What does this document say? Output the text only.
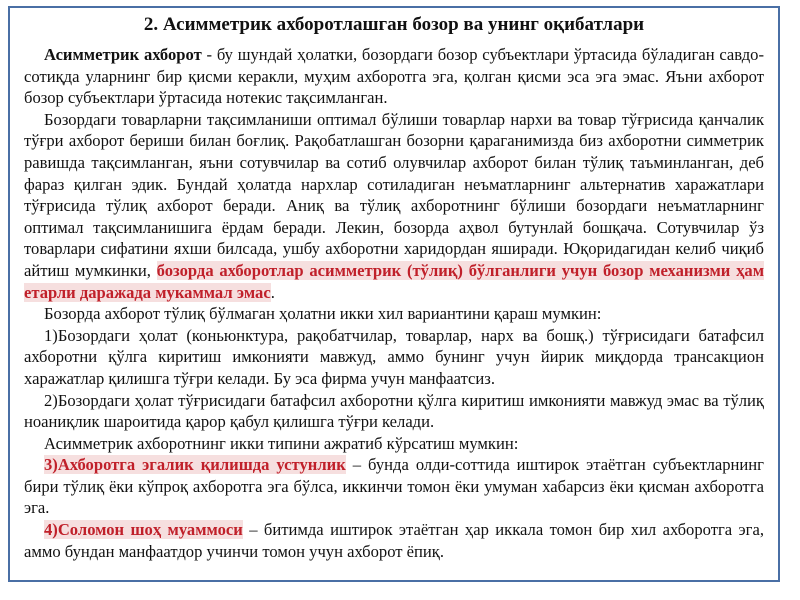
2. Асимметрик ахборотлашган бозор ва унинг оқибатлари

Асимметрик ахборот - бу шундай ҳолатки, бозордаги бозор субъектлари ўртасида бўладиган савдо-сотиқда уларнинг бир қисми керакли, муҳим ахборотга эга, қолган қисми эса эга эмас. Яъни ахборот бозор субъектлари ўртасида нотекис тақсимланган.

Бозордаги товарларни тақсимланиши оптимал бўлиши товарлар нархи ва товар тўғрисида қанчалик тўғри ахборот бериши билан боғлиқ. Рақобатлашган бозорни қараганимизда биз ахборотни симметрик равишда тақсимланган, яъни сотувчилар ва сотиб олувчилар ахборот билан тўлиқ таъминланган, деб фараз қилган эдик. Бундай ҳолатда нархлар сотиладиган неъматларнинг альтернатив харажатлари тўғрисида тўлиқ ахборот беради. Аниқ ва тўлиқ ахборотнинг бўлиши бозордаги неъматларнинг оптимал тақсимланишига ёрдам беради. Лекин, бозорда аҳвол бутунлай бошқача. Сотувчилар ўз товарлари сифатини яхши билсада, ушбу ахборотни харидордан яширади. Юқоридагидан келиб чиқиб айтиш мумкинки, бозорда ахборотлар асимметрик (тўлиқ) бўлганлиги учун бозор механизми ҳам етарли даражада мукаммал эмас.

Бозорда ахборот тўлиқ бўлмаган ҳолатни икки хил вариантини қараш мумкин:

1)Бозордаги ҳолат (коньюнктура, рақобатчилар, товарлар, нарх ва бошқ.) тўғрисидаги батафсил ахборотни қўлга киритиш имконияти мавжуд, аммо бунинг учун йирик миқдорда трансакцион харажатлар қилишга тўғри келади. Бу эса фирма учун манфаатсиз.

2)Бозордаги ҳолат тўғрисидаги батафсил ахборотни қўлга киритиш имконияти мавжуд эмас ва тўлиқ ноаниқлик шароитида қарор қабул қилишга тўғри келади.

Асимметрик ахборотнинг икки типини ажратиб кўрсатиш мумкин:

3)Ахборотга эгалик қилишда устунлик – бунда олди-соттида иштирок этаётган субъектларнинг бири тўлиқ ёки кўпроқ ахборотга эга бўлса, иккинчи томон ёки умуман хабарсиз ёки қисман ахборотга эга.

4)Соломон шоҳ муаммоси – битимда иштирок этаётган ҳар иккала томон бир хил ахборотга эга, аммо бундан манфаатдор учинчи томон учун ахборот ёпиқ.
